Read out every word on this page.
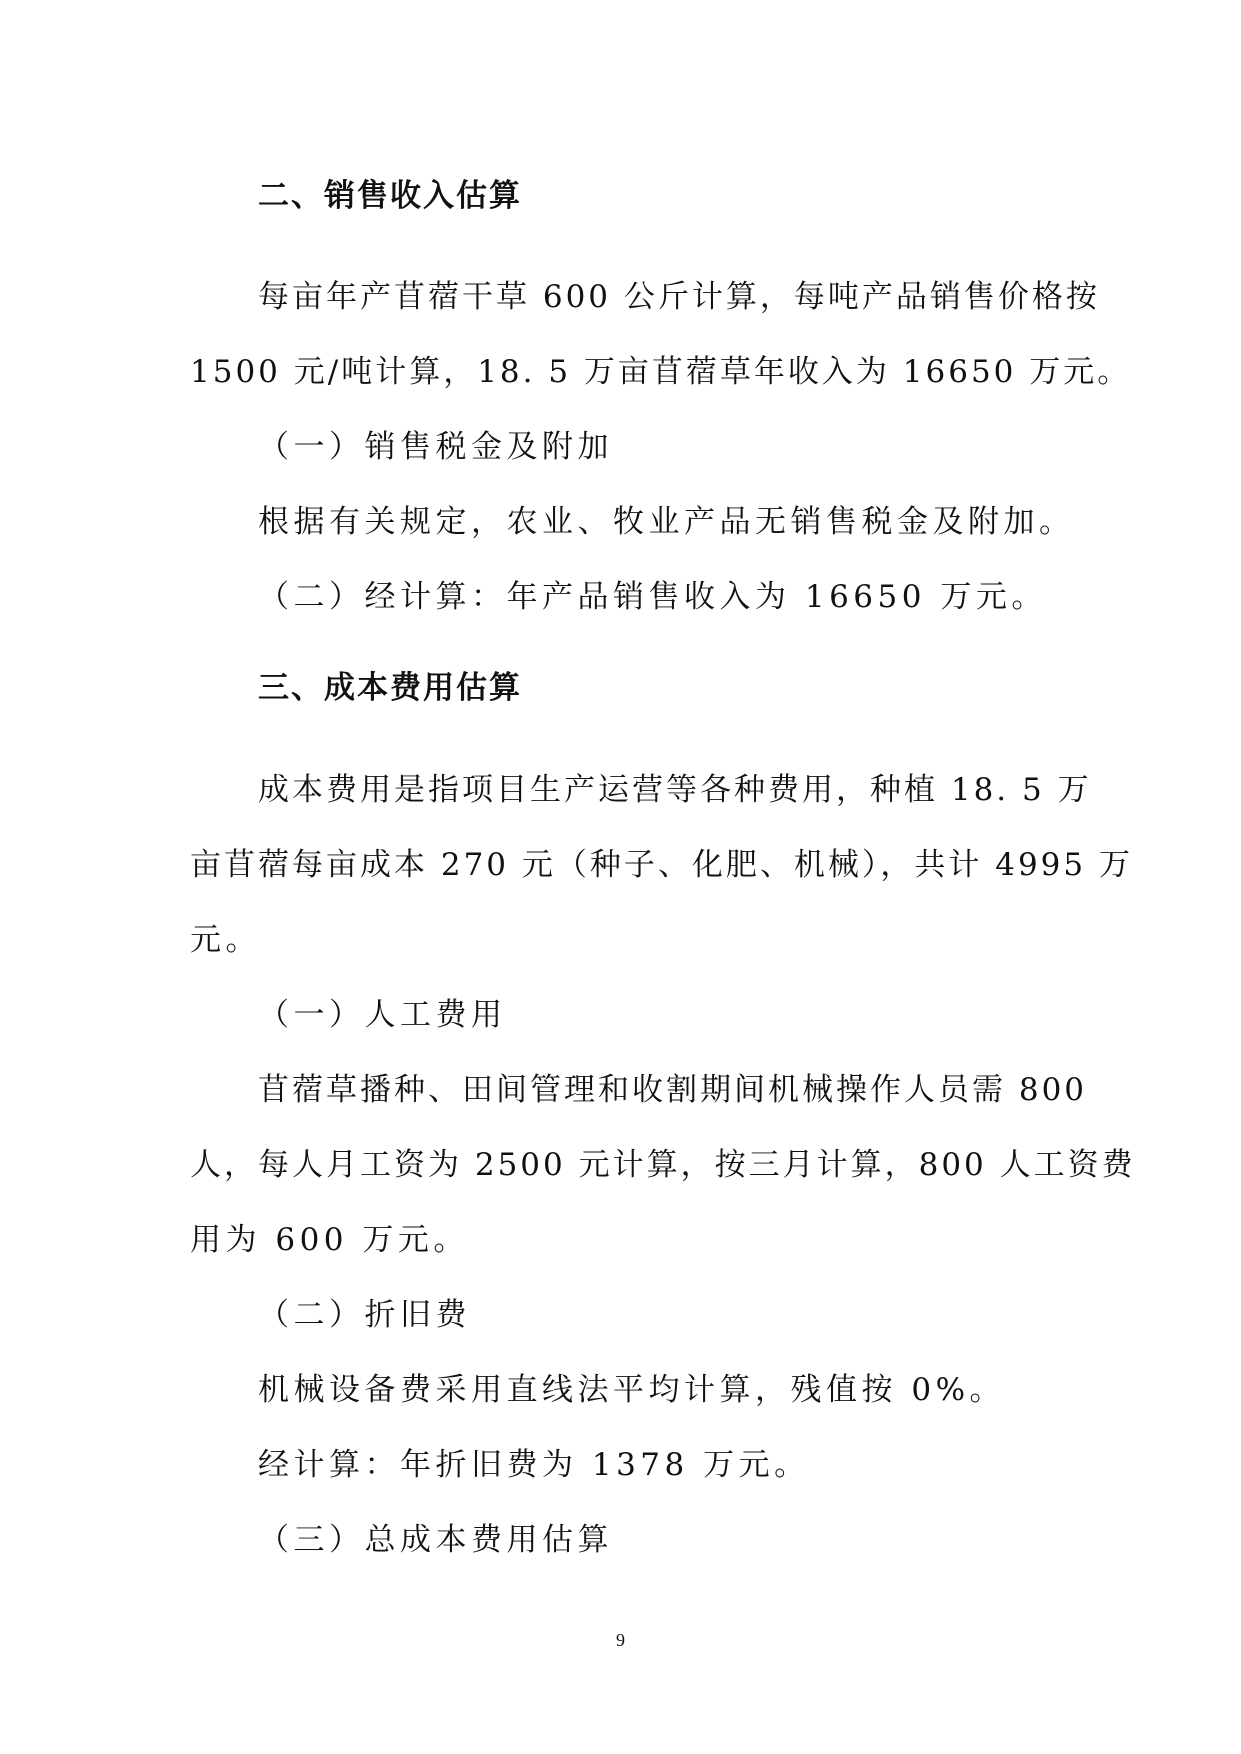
二、销售收入估算
每亩年产苜蓿干草 600 公斤计算，每吨产品销售价格按
1500 元/吨计算，18. 5 万亩苜蓿草年收入为 16650 万元。
（一）销售税金及附加
根据有关规定，农业、牧业产品无销售税金及附加。
（二）经计算：年产品销售收入为 16650 万元。
三、成本费用估算
成本费用是指项目生产运营等各种费用，种植 18. 5 万
亩苜蓿每亩成本 270 元（种子、化肥、机械），共计 4995 万
元。
（一）人工费用
苜蓿草播种、田间管理和收割期间机械操作人员需 800
人，每人月工资为 2500 元计算，按三月计算，800 人工资费
用为 600 万元。
（二）折旧费
机械设备费采用直线法平均计算，残值按 0%。
经计算：年折旧费为 1378 万元。
（三）总成本费用估算
9
